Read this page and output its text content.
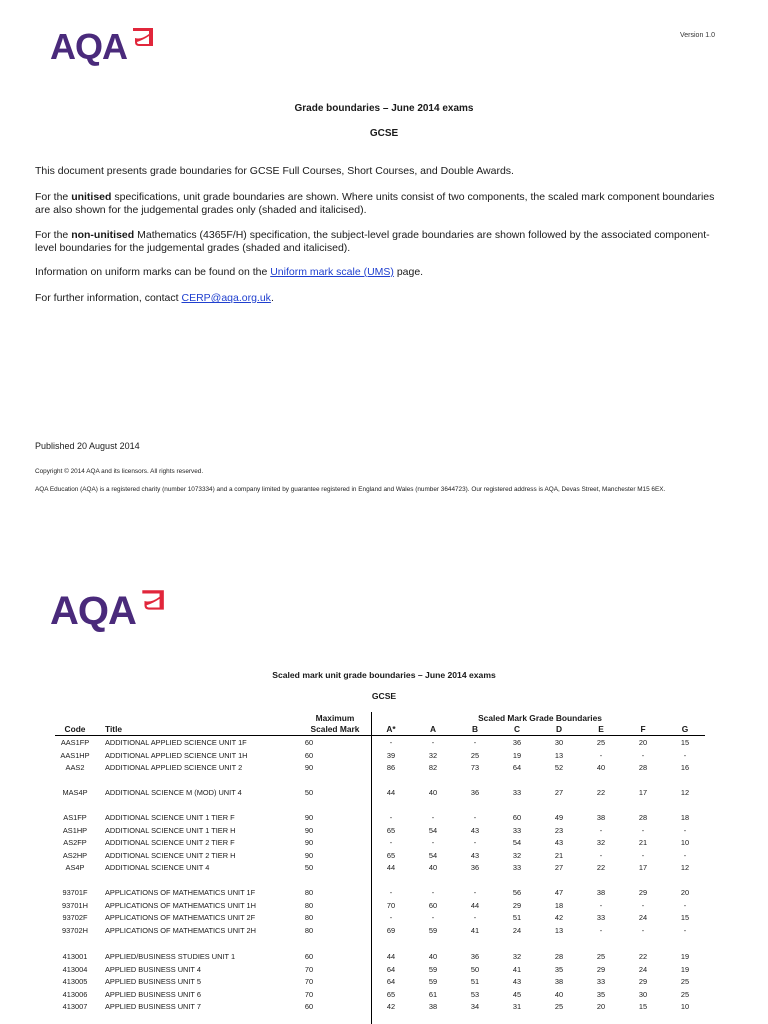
AQA	Version 1.0
Grade boundaries – June 2014 exams
GCSE
This document presents grade boundaries for GCSE Full Courses, Short Courses, and Double Awards.
For the unitised specifications, unit grade boundaries are shown. Where units consist of two components, the scaled mark component boundaries are also shown for the judgemental grades only (shaded and italicised).
For the non-unitised Mathematics (4365F/H) specification, the subject-level grade boundaries are shown followed by the associated component-level boundaries for the judgemental grades (shaded and italicised).
Information on uniform marks can be found on the Uniform mark scale (UMS) page.
For further information, contact CERP@aqa.org.uk.
Published 20 August 2014
Copyright © 2014 AQA and its licensors. All rights reserved.
AQA Education (AQA) is a registered charity (number 1073334) and a company limited by guarantee registered in England and Wales (number 3644723). Our registered address is AQA, Devas Street, Manchester M15 6EX.
AQA
Scaled mark unit grade boundaries – June 2014 exams
GCSE
Maximum
Scaled Mark
Scaled Mark Grade Boundaries
Code	Title	A*	A	B	C	D	E	F	G
AAS1FP	ADDITIONAL APPLIED SCIENCE UNIT 1F	60	-	-	-	36	30	25	20	15
AAS1HP	ADDITIONAL APPLIED SCIENCE UNIT 1H	60	39	32	25	19	13	-	-	-
AAS2	ADDITIONAL APPLIED SCIENCE UNIT 2	90	86	82	73	64	52	40	28	16
MAS4P	ADDITIONAL SCIENCE M (MOD) UNIT 4	50	44	40	36	33	27	22	17	12
AS1FP	ADDITIONAL SCIENCE UNIT 1 TIER F	90	-	-	-	60	49	38	28	18
AS1HP	ADDITIONAL SCIENCE UNIT 1 TIER H	90	65	54	43	33	23	-	-	-
AS2FP	ADDITIONAL SCIENCE UNIT 2 TIER F	90	-	-	-	54	43	32	21	10
AS2HP	ADDITIONAL SCIENCE UNIT 2 TIER H	90	65	54	43	32	21	-	-	-
AS4P	ADDITIONAL SCIENCE UNIT 4	50	44	40	36	33	27	22	17	12
93701F	APPLICATIONS OF MATHEMATICS UNIT 1F	80	-	-	-	56	47	38	29	20
93701H	APPLICATIONS OF MATHEMATICS UNIT 1H	80	70	60	44	29	18	-	-	-
93702F	APPLICATIONS OF MATHEMATICS UNIT 2F	80	-	-	-	51	42	33	24	15
93702H	APPLICATIONS OF MATHEMATICS UNIT 2H	80	69	59	41	24	13	-	-	-
413001	APPLIED/BUSINESS STUDIES UNIT 1	60	44	40	36	32	28	25	22	19
413004	APPLIED BUSINESS UNIT 4	70	64	59	50	41	35	29	24	19
413005	APPLIED BUSINESS UNIT 5	70	64	59	51	43	38	33	29	25
413006	APPLIED BUSINESS UNIT 6	70	65	61	53	45	40	35	30	25
413007	APPLIED BUSINESS UNIT 7	60	42	38	34	31	25	20	15	10
